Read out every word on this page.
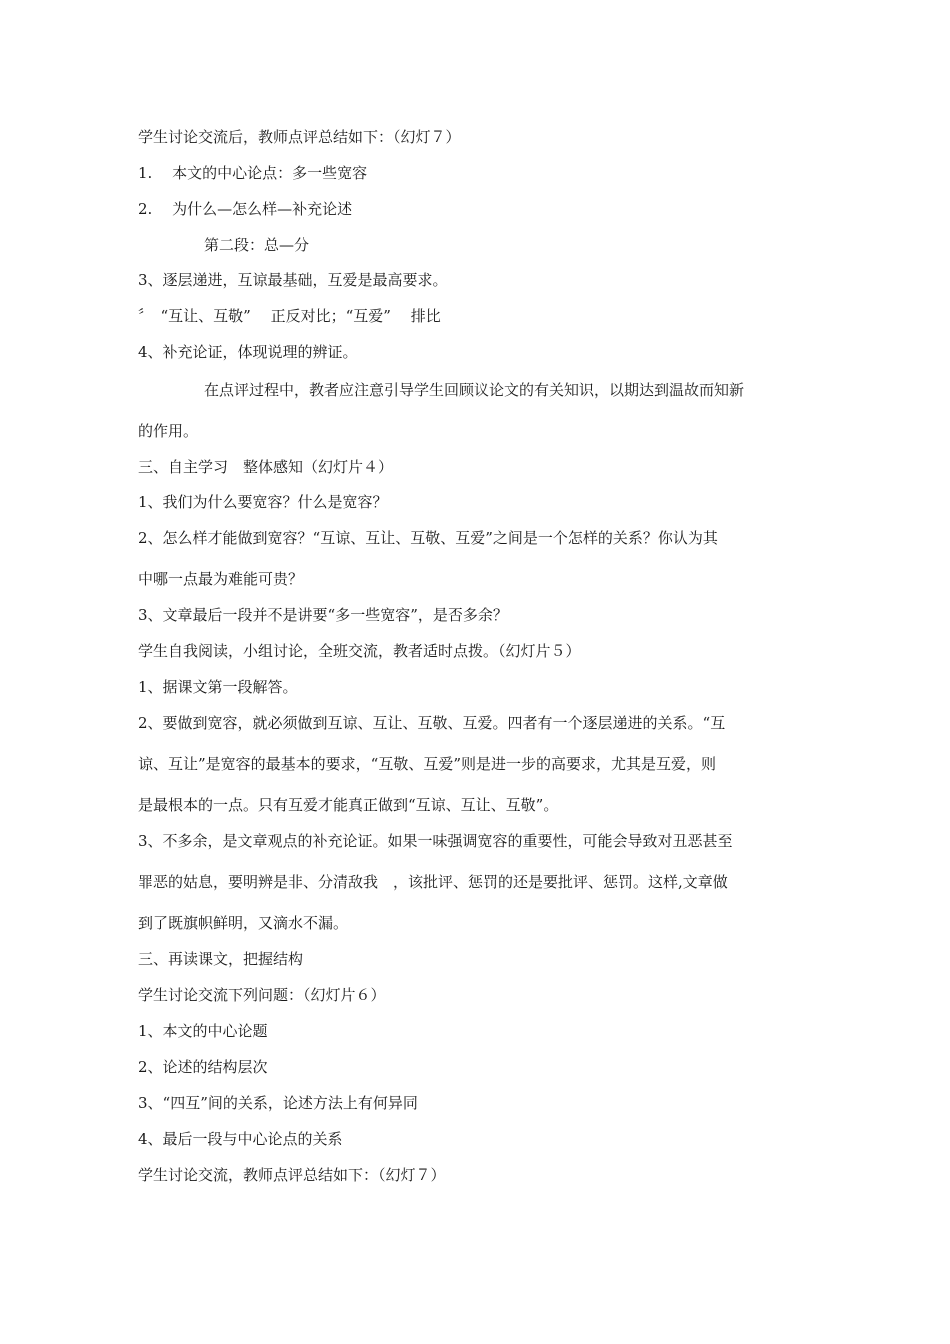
学生讨论交流后，教师点评总结如下：（幻灯７）
1.　 本文的中心论点：多一些宽容
2.　 为什么—怎么样—补充论述
第二段：总—分
3、逐层递进，互谅最基础，互爱是最高要求。
〞　“互让、互敬”　 正反对比；“互爱”　 排比
4、补充论证，体现说理的辨证。
在点评过程中，教者应注意引导学生回顾议论文的有关知识，以期达到温故而知新
的作用。
三、自主学习　整体感知（幻灯片４）
1、我们为什么要宽容？什么是宽容？
2、怎么样才能做到宽容？“互谅、互让、互敬、互爱”之间是一个怎样的关系？你认为其
中哪一点最为难能可贵？
3、文章最后一段并不是讲要“多一些宽容”，是否多余？
学生自我阅读，小组讨论，全班交流，教者适时点拨。（幻灯片５）
1、据课文第一段解答。
2、要做到宽容，就必须做到互谅、互让、互敬、互爱。四者有一个逐层递进的关系。“互
谅、互让”是宽容的最基本的要求，“互敬、互爱”则是进一步的高要求，尤其是互爱，则
是最根本的一点。只有互爱才能真正做到“互谅、互让、互敬”。
3、不多余，是文章观点的补充论证。如果一味强调宽容的重要性，可能会导致对丑恶甚至
罪恶的姑息，要明辨是非、分清敌我　，该批评、惩罚的还是要批评、惩罚。这样,文章做
到了既旗帜鲜明，又滴水不漏。
三、再读课文，把握结构
学生讨论交流下列问题：（幻灯片６）
1、本文的中心论题
2、论述的结构层次
3、“四互”间的关系，论述方法上有何异同
4、最后一段与中心论点的关系
学生讨论交流，教师点评总结如下：（幻灯７）
